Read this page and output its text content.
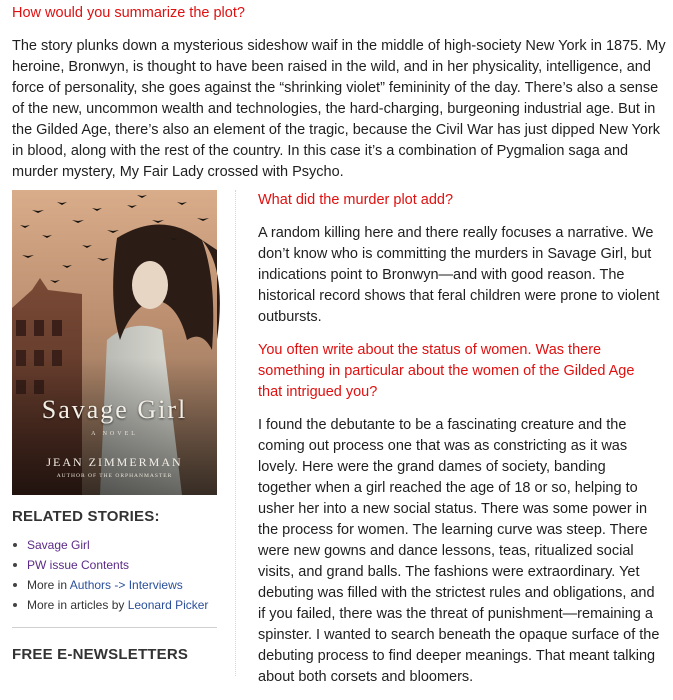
How would you summarize the plot?
The story plunks down a mysterious sideshow waif in the middle of high-society New York in 1875. My heroine, Bronwyn, is thought to have been raised in the wild, and in her physicality, intelligence, and force of personality, she goes against the “shrinking violet” femininity of the day. There’s also a sense of the new, uncommon wealth and technologies, the hard-charging, burgeoning industrial age. But in the Gilded Age, there’s also an element of the tragic, because the Civil War has just dipped New York in blood, along with the rest of the country. In this case it’s a combination of Pygmalion saga and murder mystery, My Fair Lady crossed with Psycho.
Savage Girl
A NOVEL
JEAN ZIMMERMAN
AUTHOR OF THE ORPHANMASTER
RELATED STORIES:
Savage Girl
PW issue Contents
More in Authors -> Interviews
More in articles by Leonard Picker
FREE E-NEWSLETTERS
What did the murder plot add?
A random killing here and there really focuses a narrative. We don’t know who is committing the murders in Savage Girl, but indications point to Bronwyn—and with good reason. The historical record shows that feral children were prone to violent outbursts.
You often write about the status of women. Was there something in particular about the women of the Gilded Age that intrigued you?
I found the debutante to be a fascinating creature and the coming out process one that was as constricting as it was lovely. Here were the grand dames of society, banding together when a girl reached the age of 18 or so, helping to usher her into a new social status. There was some power in the process for women. The learning curve was steep. There were new gowns and dance lessons, teas, ritualized social visits, and grand balls. The fashions were extraordinary. Yet debuting was filled with the strictest rules and obligations, and if you failed, there was the threat of punishment—remaining a spinster. I wanted to search beneath the opaque surface of the debuting process to find deeper meanings. That meant talking about both corsets and bloomers.
